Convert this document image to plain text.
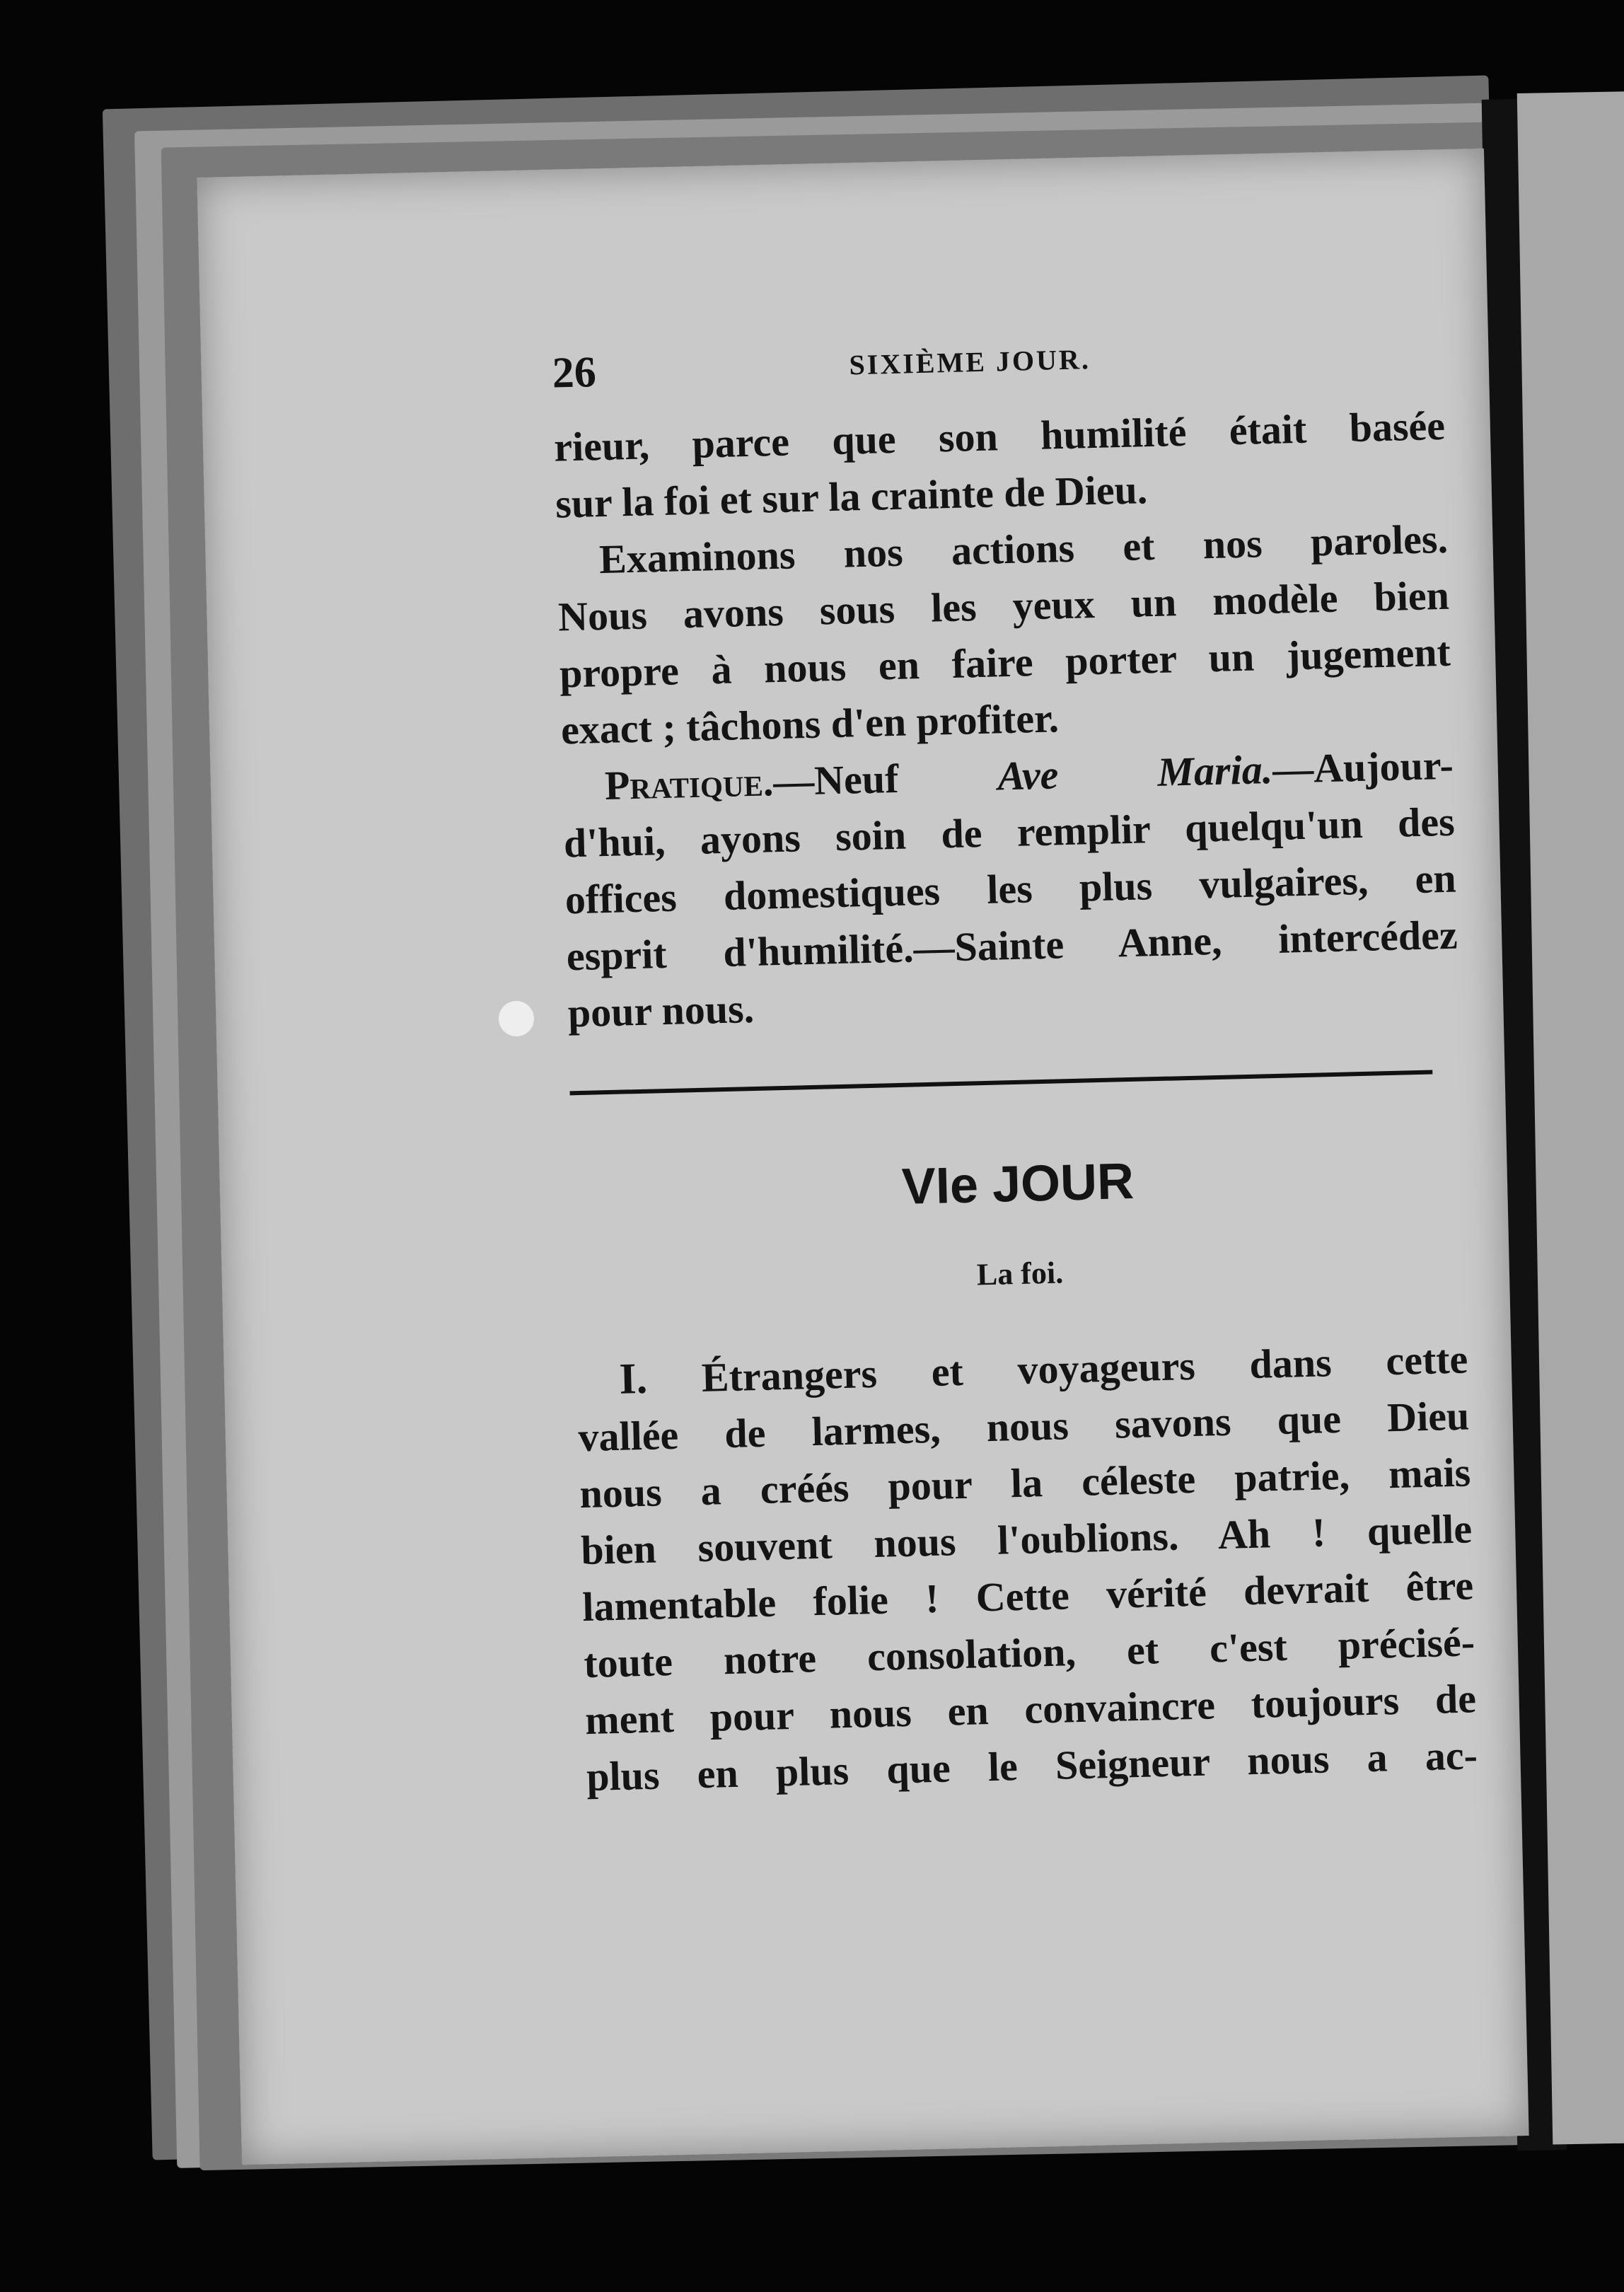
26	SIXIÈME JOUR.

rieur, parce que son humilité était basée
sur la foi et sur la crainte de Dieu.

Examinons nos actions et nos paroles.
Nous avons sous les yeux un modèle bien
propre à nous en faire porter un jugement
exact ; tâchons d'en profiter.

Pratique.—Neuf Ave Maria.—Aujour-
d'hui, ayons soin de remplir quelqu'un des
offices domestiques les plus vulgaires, en
esprit d'humilité.—Sainte Anne, intercédez
pour nous.

VIe JOUR
La foi.

I. Étrangers et voyageurs dans cette
vallée de larmes, nous savons que Dieu
nous a créés pour la céleste patrie, mais
bien souvent nous l'oublions. Ah ! quelle
lamentable folie ! Cette vérité devrait être
toute notre consolation, et c'est précisé-
ment pour nous en convaincre toujours de
plus en plus que le Seigneur nous a ac-
